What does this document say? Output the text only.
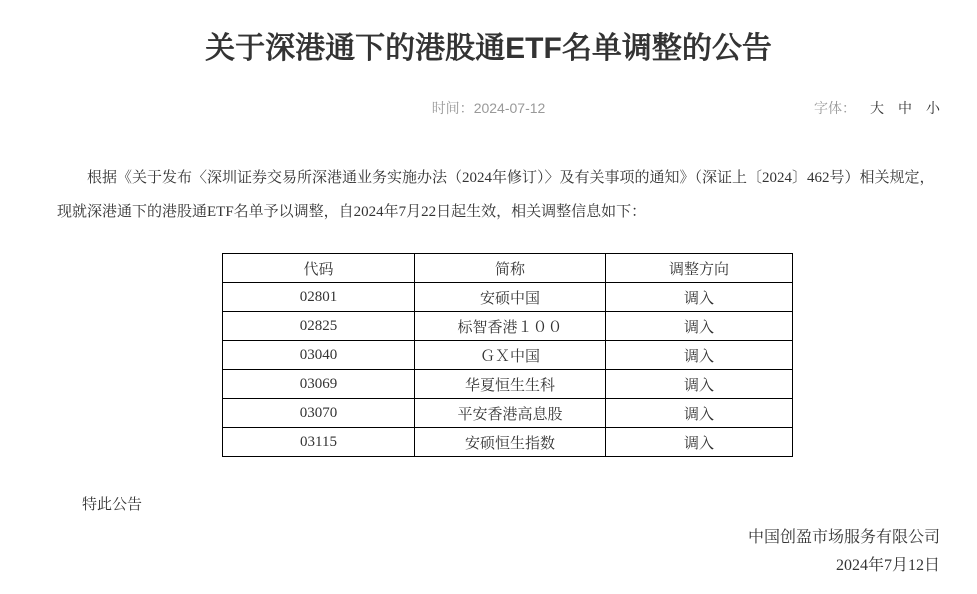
关于深港通下的港股通ETF名单调整的公告
时间：2024-07-12	字体： 大 中 小

根据《关于发布〈深圳证券交易所深港通业务实施办法（2024年修订）〉及有关事项的通知》（深证上〔2024〕462号）相关规定，现就深港通下的港股通ETF名单予以调整，自2024年7月22日起生效，相关调整信息如下：

代码	简称	调整方向
02801	安硕中国	调入
02825	标智香港１００	调入
03040	ＧＸ中国	调入
03069	华夏恒生生科	调入
03070	平安香港高息股	调入
03115	安硕恒生指数	调入

特此公告

中国创盈市场服务有限公司
2024年7月12日
